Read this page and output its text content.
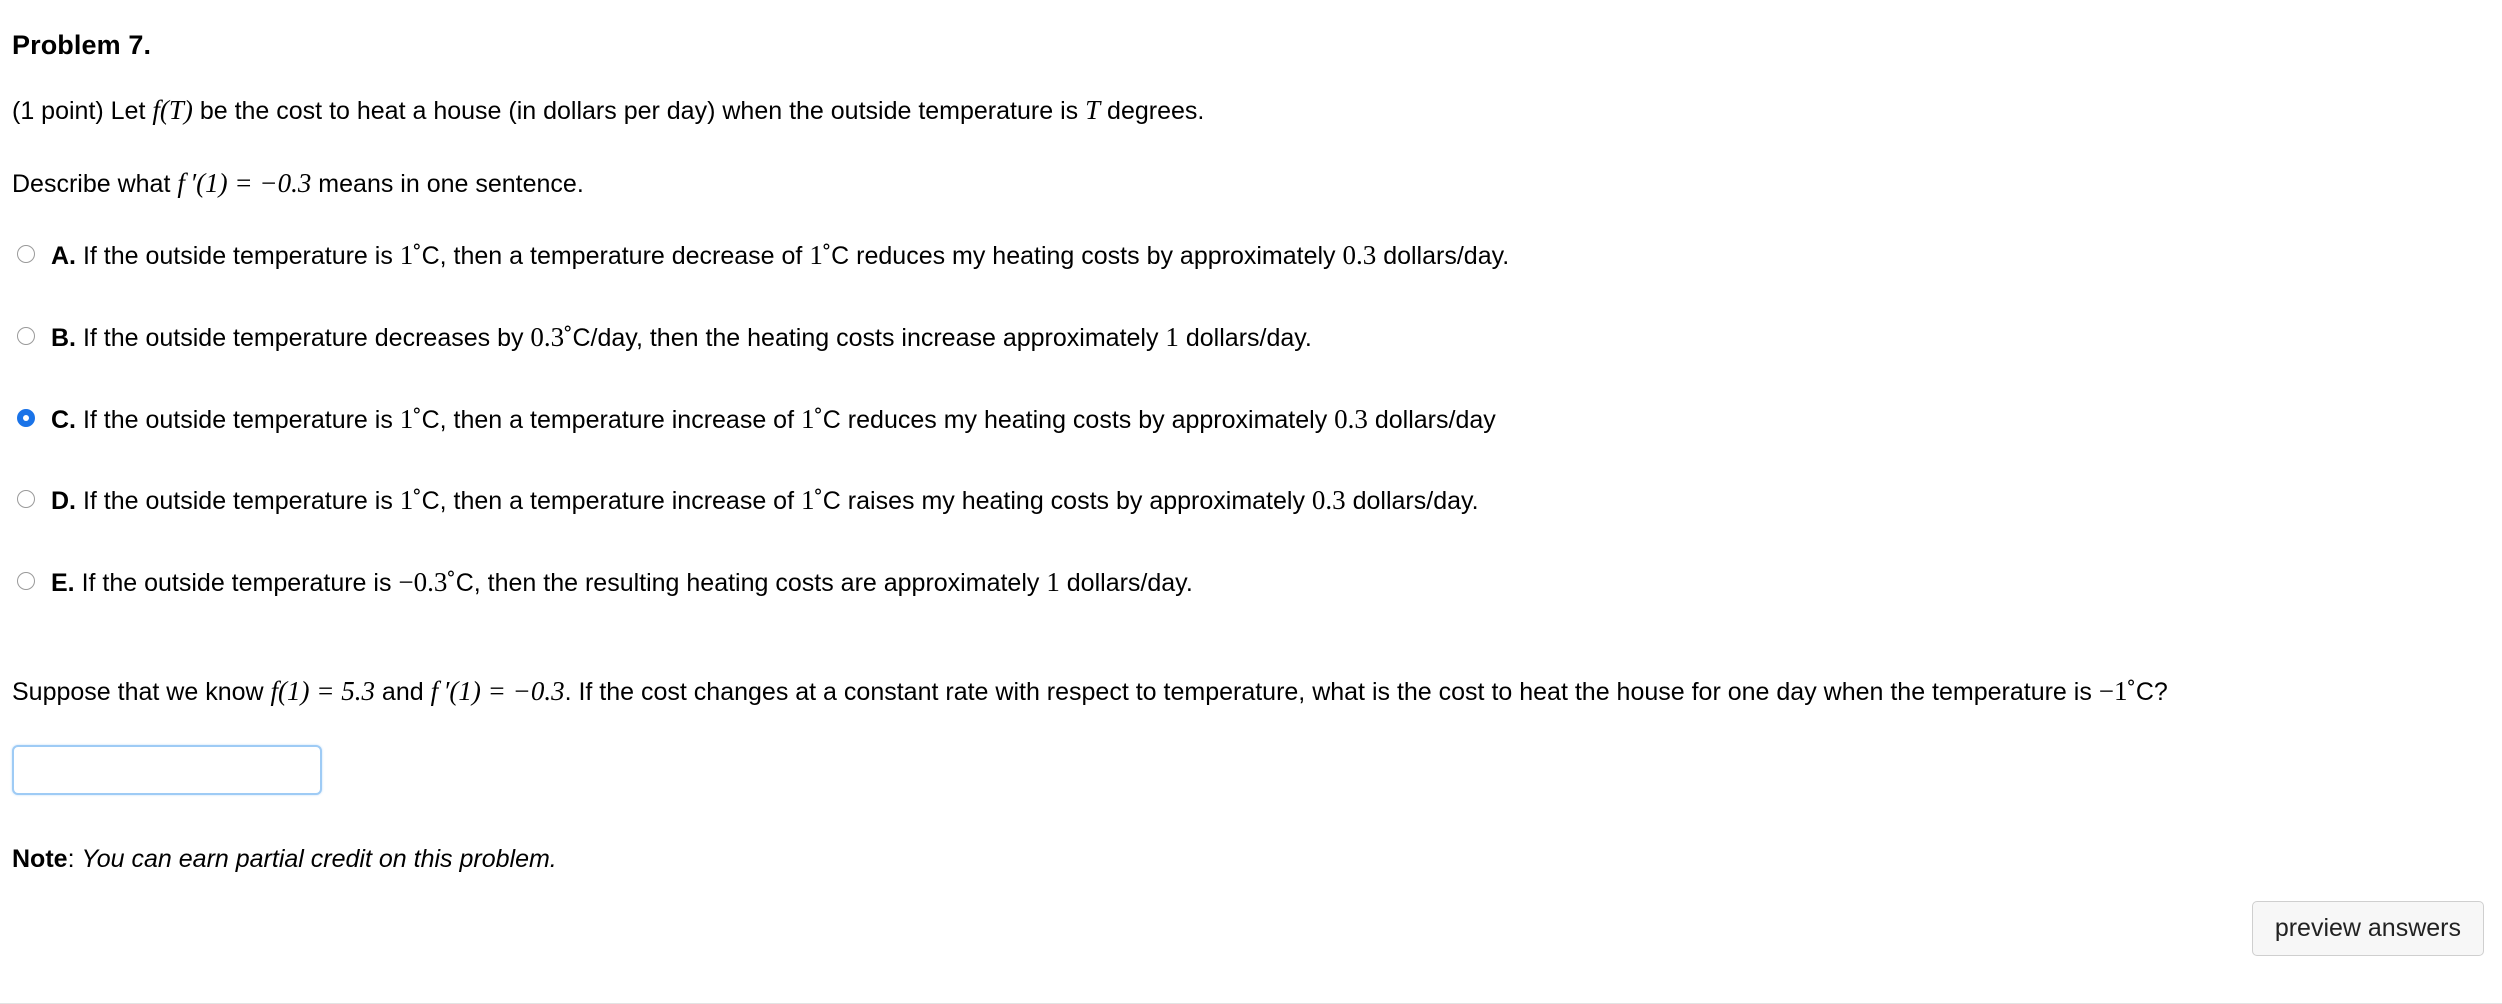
Problem 7.
(1 point) Let f(T) be the cost to heat a house (in dollars per day) when the outside temperature is T degrees.
Describe what f ′(1) = −0.3 means in one sentence.
A. If the outside temperature is 1˚C, then a temperature decrease of 1˚C reduces my heating costs by approximately 0.3 dollars/day.
B. If the outside temperature decreases by 0.3˚C/day, then the heating costs increase approximately 1 dollars/day.
C. If the outside temperature is 1˚C, then a temperature increase of 1˚C reduces my heating costs by approximately 0.3 dollars/day
D. If the outside temperature is 1˚C, then a temperature increase of 1˚C raises my heating costs by approximately 0.3 dollars/day.
E. If the outside temperature is −0.3˚C, then the resulting heating costs are approximately 1 dollars/day.
Suppose that we know f(1) = 5.3 and f ′(1) = −0.3. If the cost changes at a constant rate with respect to temperature, what is the cost to heat the house for one day when the temperature is −1˚C?
Note: You can earn partial credit on this problem.
preview answers
